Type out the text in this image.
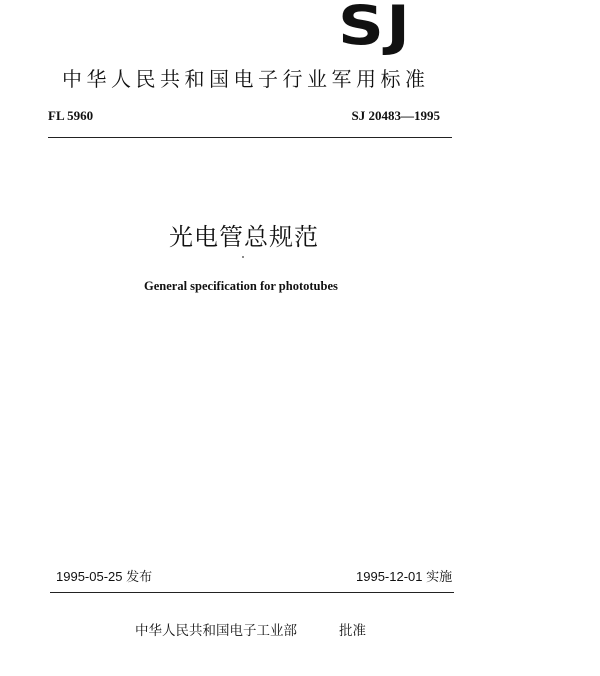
SJ
中华人民共和国电子行业军用标准
FL 5960	SJ 20483—1995
光电管总规范
General specification for phototubes
1995-05-25 发布	1995-12-01 实施
中华人民共和国电子工业部	批准
